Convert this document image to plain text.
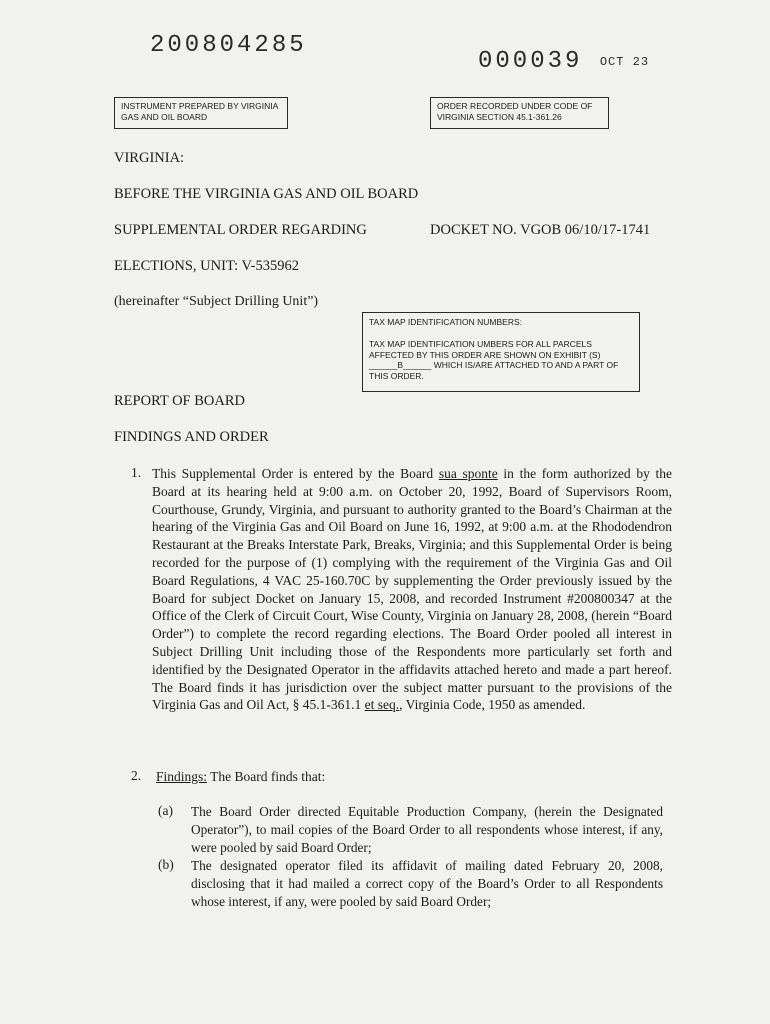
200804285
000039 OCT 23
INSTRUMENT PREPARED BY VIRGINIA GAS AND OIL BOARD
ORDER RECORDED UNDER CODE OF VIRGINIA SECTION 45.1-361.26
VIRGINIA:
BEFORE THE VIRGINIA GAS AND OIL BOARD
SUPPLEMENTAL ORDER REGARDING	DOCKET NO. VGOB 06/10/17-1741
ELECTIONS, UNIT: V-535962
(hereinafter “Subject Drilling Unit”)
TAX MAP IDENTIFICATION NUMBERS:
TAX MAP IDENTIFICATION UMBERS FOR ALL PARCELS AFFECTED BY THIS ORDER ARE SHOWN ON EXHIBIT (S) ______B______ WHICH IS/ARE ATTACHED TO AND A PART OF THIS ORDER.
REPORT OF BOARD
FINDINGS AND ORDER
1. This Supplemental Order is entered by the Board sua sponte in the form authorized by the Board at its hearing held at 9:00 a.m. on October 20, 1992, Board of Supervisors Room, Courthouse, Grundy, Virginia, and pursuant to authority granted to the Board’s Chairman at the hearing of the Virginia Gas and Oil Board on June 16, 1992, at 9:00 a.m. at the Rhododendron Restaurant at the Breaks Interstate Park, Breaks, Virginia; and this Supplemental Order is being recorded for the purpose of (1) complying with the requirement of the Virginia Gas and Oil Board Regulations, 4 VAC 25-160.70C by supplementing the Order previously issued by the Board for subject Docket on January 15, 2008, and recorded Instrument #200800347 at the Office of the Clerk of Circuit Court, Wise County, Virginia on January 28, 2008, (herein “Board Order”) to complete the record regarding elections. The Board Order pooled all interest in Subject Drilling Unit including those of the Respondents more particularly set forth and identified by the Designated Operator in the affidavits attached hereto and made a part hereof. The Board finds it has jurisdiction over the subject matter pursuant to the provisions of the Virginia Gas and Oil Act, § 45.1-361.1 et seq., Virginia Code, 1950 as amended.
2. Findings: The Board finds that:
(a) The Board Order directed Equitable Production Company, (herein the Designated Operator”), to mail copies of the Board Order to all respondents whose interest, if any, were pooled by said Board Order;
(b) The designated operator filed its affidavit of mailing dated February 20, 2008, disclosing that it had mailed a correct copy of the Board’s Order to all Respondents whose interest, if any, were pooled by said Board Order;
